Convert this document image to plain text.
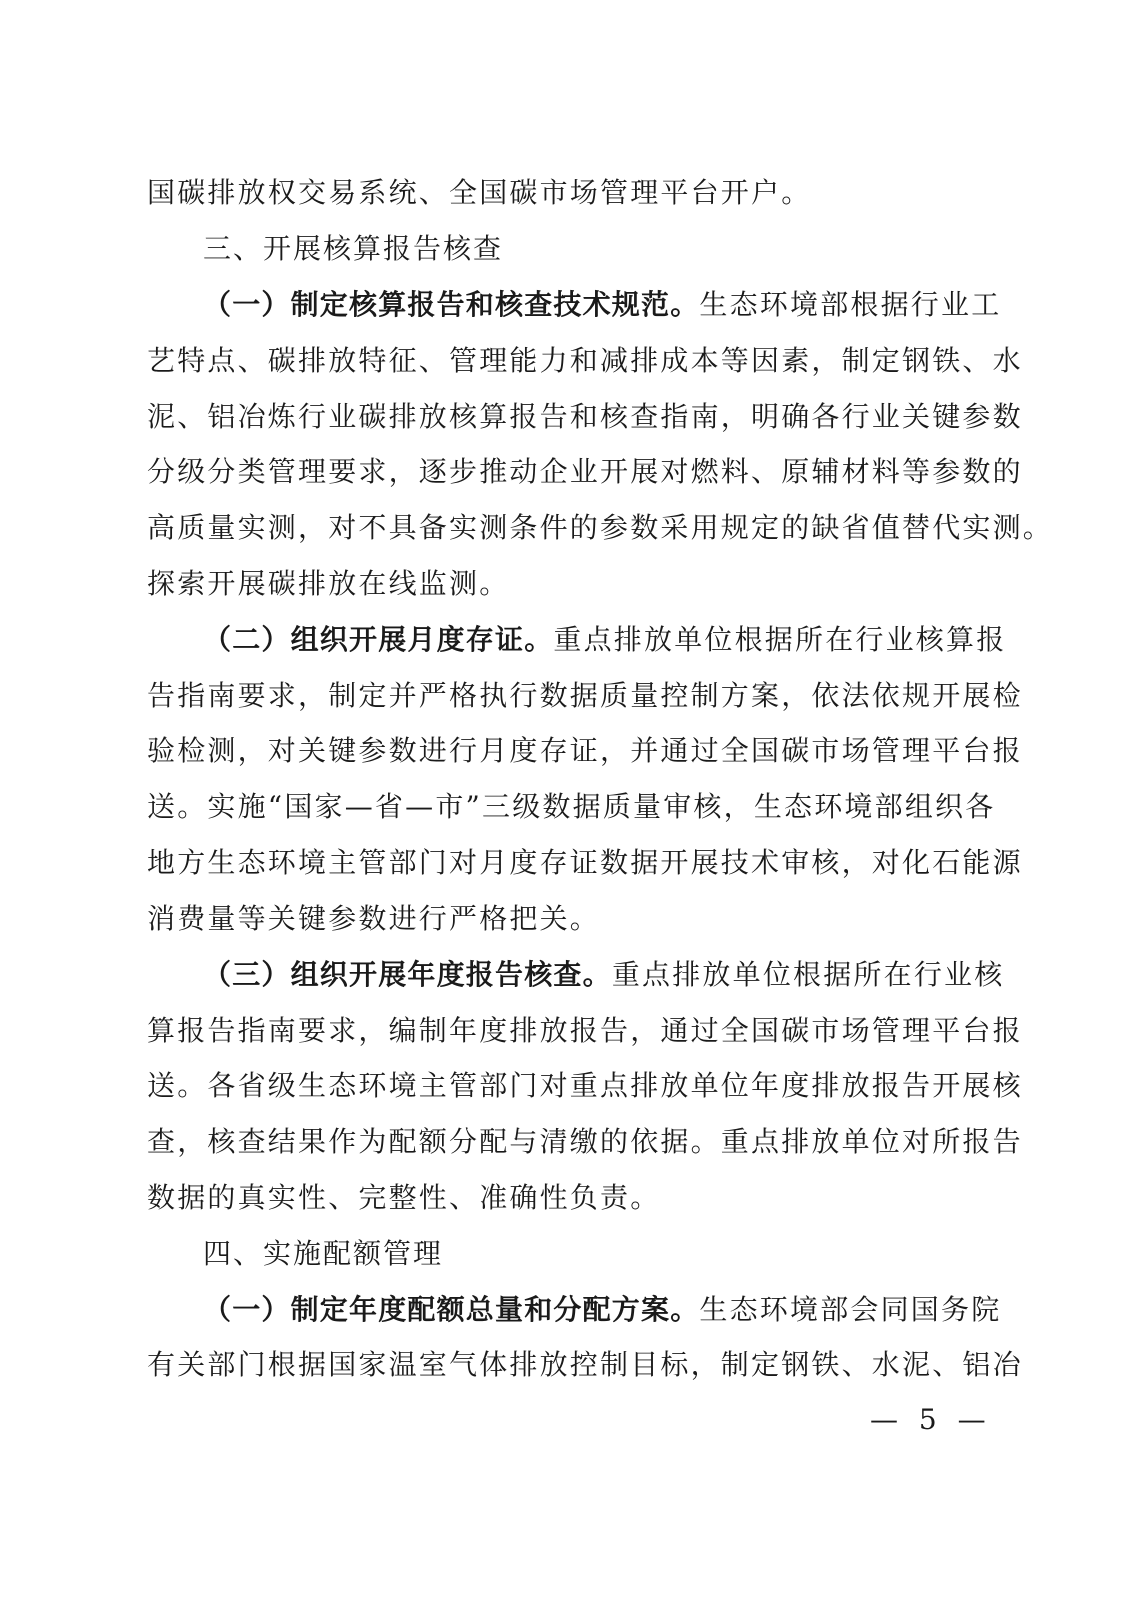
国碳排放权交易系统、全国碳市场管理平台开户。
三、开展核算报告核查
（一）制定核算报告和核查技术规范。生态环境部根据行业工
艺特点、碳排放特征、管理能力和减排成本等因素，制定钢铁、水
泥、铝冶炼行业碳排放核算报告和核查指南，明确各行业关键参数
分级分类管理要求，逐步推动企业开展对燃料、原辅材料等参数的
高质量实测，对不具备实测条件的参数采用规定的缺省值替代实测。
探索开展碳排放在线监测。
（二）组织开展月度存证。重点排放单位根据所在行业核算报
告指南要求，制定并严格执行数据质量控制方案，依法依规开展检
验检测，对关键参数进行月度存证，并通过全国碳市场管理平台报
送。实施“国家—省—市”三级数据质量审核，生态环境部组织各
地方生态环境主管部门对月度存证数据开展技术审核，对化石能源
消费量等关键参数进行严格把关。
（三）组织开展年度报告核查。重点排放单位根据所在行业核
算报告指南要求，编制年度排放报告，通过全国碳市场管理平台报
送。各省级生态环境主管部门对重点排放单位年度排放报告开展核
查，核查结果作为配额分配与清缴的依据。重点排放单位对所报告
数据的真实性、完整性、准确性负责。
四、实施配额管理
（一）制定年度配额总量和分配方案。生态环境部会同国务院
有关部门根据国家温室气体排放控制目标，制定钢铁、水泥、铝冶
— 5 —
